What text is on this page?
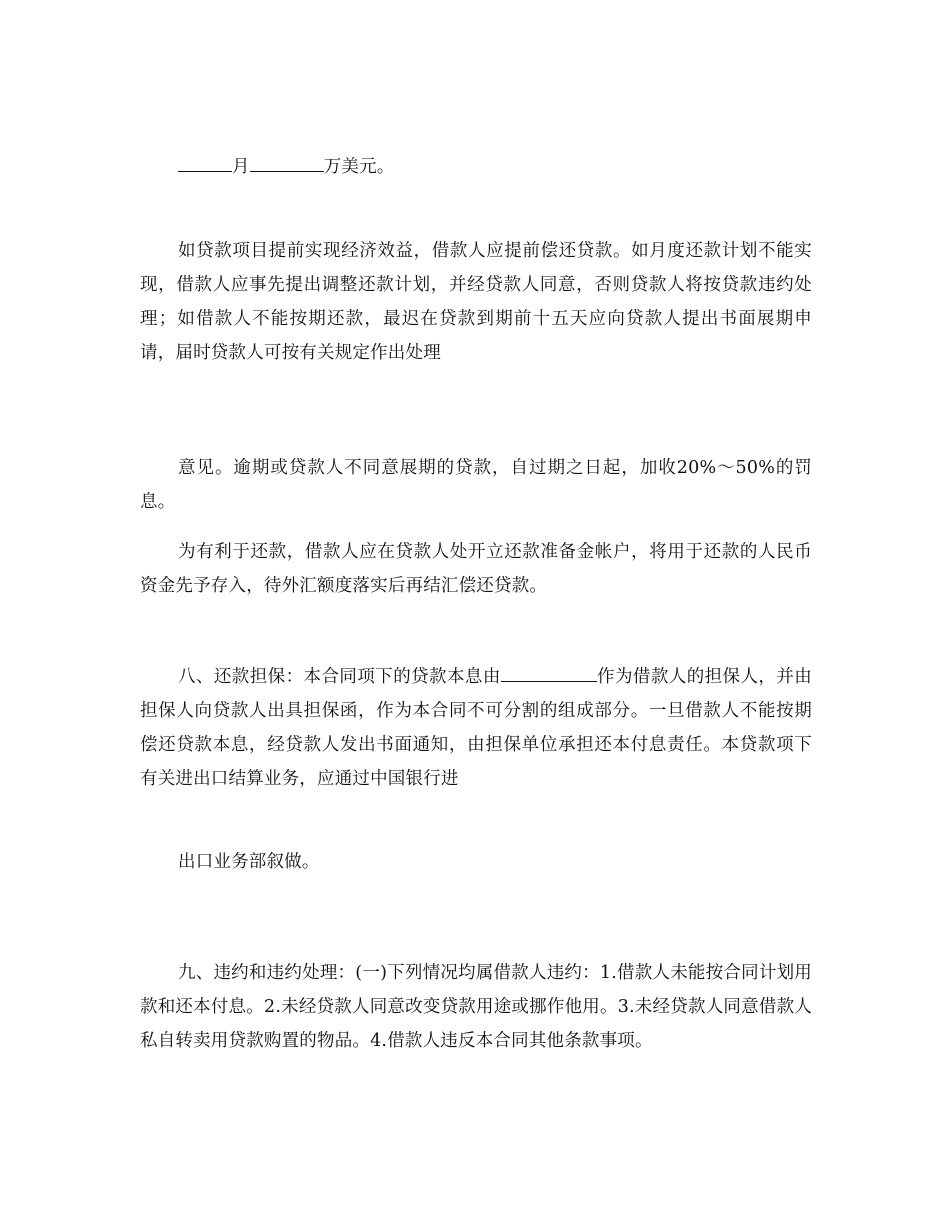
月	万美元。

如贷款项目提前实现经济效益，借款人应提前偿还贷款。如月度还款计划不能实现，借款人应事先提出调整还款计划，并经贷款人同意，否则贷款人将按贷款违约处理；如借款人不能按期还款，最迟在贷款到期前十五天应向贷款人提出书面展期申请，届时贷款人可按有关规定作出处理

意见。逾期或贷款人不同意展期的贷款，自过期之日起，加收20%～50%的罚息。

为有利于还款，借款人应在贷款人处开立还款准备金帐户，将用于还款的人民币资金先予存入，待外汇额度落实后再结汇偿还贷款。

八、还款担保：本合同项下的贷款本息由	作为借款人的担保人，并由担保人向贷款人出具担保函，作为本合同不可分割的组成部分。一旦借款人不能按期偿还贷款本息，经贷款人发出书面通知，由担保单位承担还本付息责任。本贷款项下有关进出口结算业务，应通过中国银行进

出口业务部叙做。

九、违约和违约处理：(一)下列情况均属借款人违约：1.借款人未能按合同计划用款和还本付息。2.未经贷款人同意改变贷款用途或挪作他用。3.未经贷款人同意借款人私自转卖用贷款购置的物品。4.借款人违反本合同其他条款事项。
